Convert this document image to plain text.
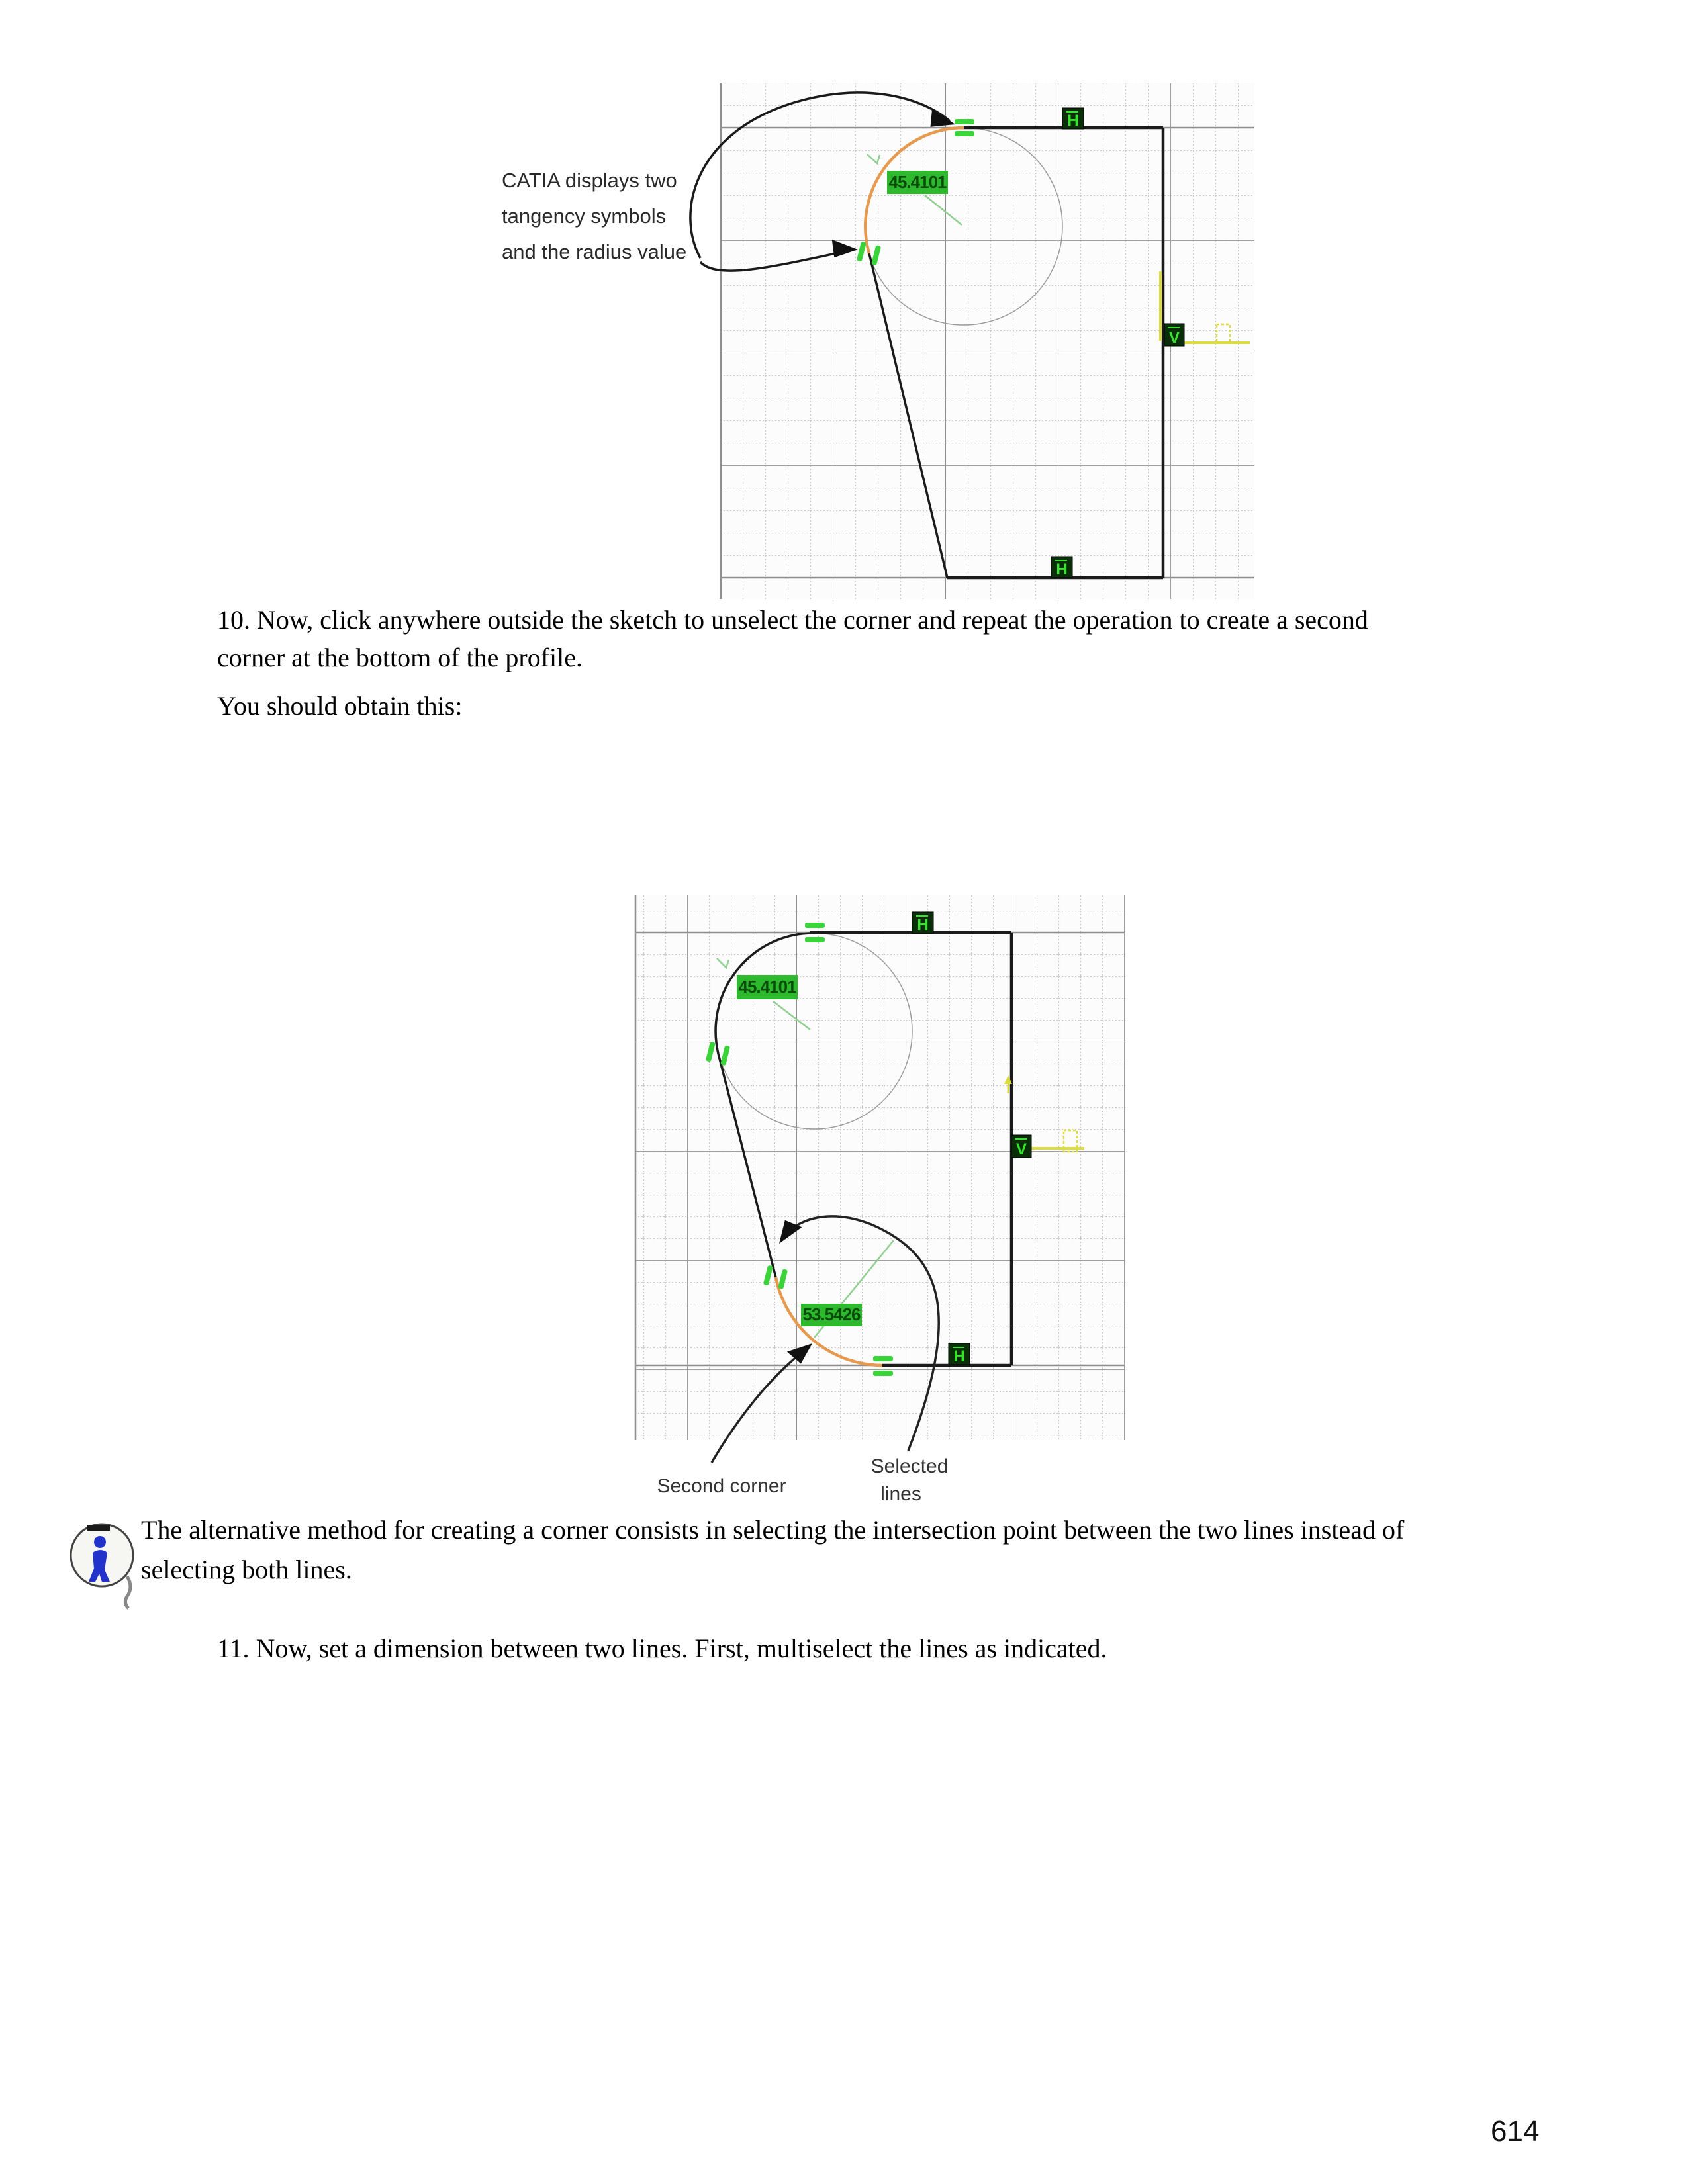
45.4101
H
H
V
CATIA displays two
tangency symbols
and the radius value
10. Now, click anywhere outside the sketch to unselect the corner and repeat the operation to create a second corner at the bottom of the profile.
You should obtain this:
45.4101
53.5426
H
H
V
Second corner
Selected
lines
The alternative method for creating a corner consists in selecting the intersection point between the two lines instead of selecting both lines.
11. Now, set a dimension between two lines. First, multiselect the lines as indicated.
614
